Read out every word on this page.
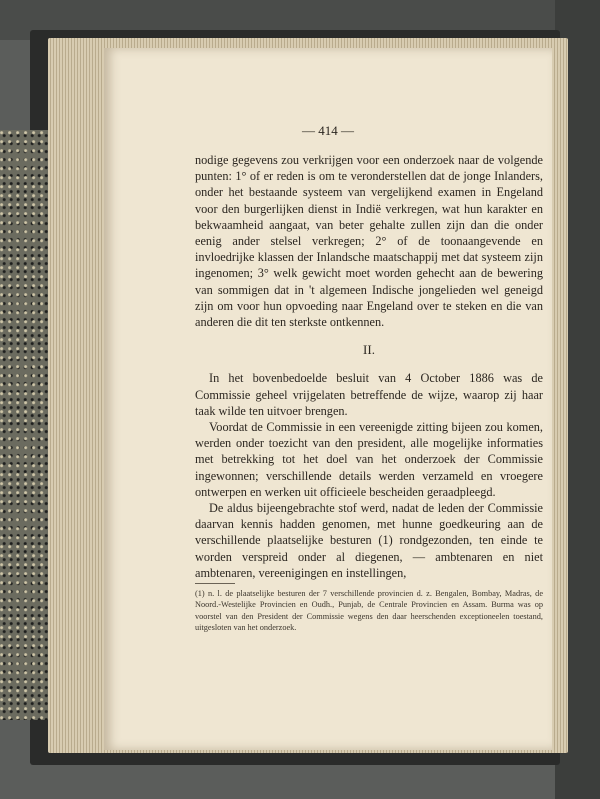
— 414 —

nodige gegevens zou verkrijgen voor een onderzoek naar de volgende punten: 1° of er reden is om te veronderstellen dat de jonge Inlanders, onder het bestaande systeem van vergelijkend examen in Engeland voor den burgerlijken dienst in Indië verkregen, wat hun karakter en bekwaamheid aangaat, van beter gehalte zullen zijn dan die onder eenig ander stelsel verkregen; 2° of de toonaangevende en invloedrijke klassen der Inlandsche maatschappij met dat systeem zijn ingenomen; 3° welk gewicht moet worden gehecht aan de bewering van sommigen dat in 't algemeen Indische jongelieden wel geneigd zijn om voor hun opvoeding naar Engeland over te steken en die van anderen die dit ten sterkste ontkennen.

II.

In het bovenbedoelde besluit van 4 October 1886 was de Commissie geheel vrijgelaten betreffende de wijze, waarop zij haar taak wilde ten uitvoer brengen.

Voordat de Commissie in een vereenigde zitting bijeen zou komen, werden onder toezicht van den president, alle mogelijke informaties met betrekking tot het doel van het onderzoek der Commissie ingewonnen; verschillende details werden verzameld en vroegere ontwerpen en werken uit officieele bescheiden geraadpleegd.

De aldus bijeengebrachte stof werd, nadat de leden der Commissie daarvan kennis hadden genomen, met hunne goedkeuring aan de verschillende plaatselijke besturen (1) rondgezonden, ten einde te worden verspreid onder al diegenen, — ambtenaren en niet ambtenaren, vereenigingen en instellingen,

(1) n. l. de plaatselijke besturen der 7 verschillende provincien d. z. Bengalen, Bombay, Madras, de Noord.-Westelijke Provincien en Oudh., Punjab, de Centrale Provincien en Assam. Burma was op voorstel van den President der Commissie wegens den daar heerschenden exceptioneelen toestand, uitgesloten van het onderzoek.
